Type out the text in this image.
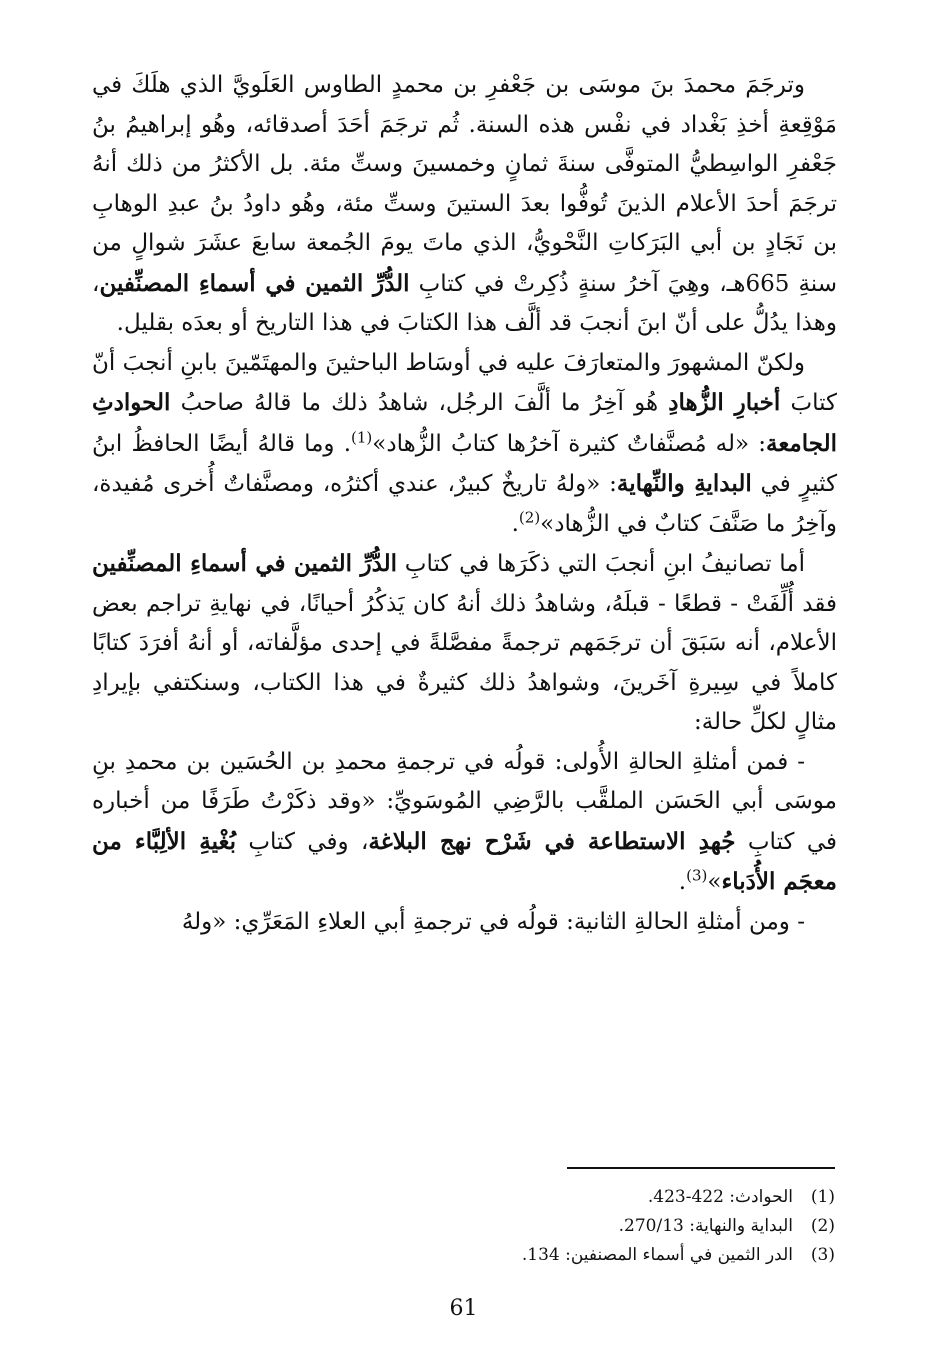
وترجَمَ محمدَ بنَ موسَى بن جَعْفرِ بن محمدٍ الطاوس العَلَويَّ الذي هلَكَ في مَوْقِعةِ أخذِ بَغْداد في نفْس هذه السنة. ثُم ترجَمَ أحَدَ أصدقائه، وهُو إبراهيمُ بنُ جَعْفرِ الواسِطيُّ المتوفَّى سنةَ ثمانٍ وخمسينَ وستِّ مئة. بل الأكثرُ من ذلك أنهُ ترجَمَ أحدَ الأعلام الذينَ تُوفُّوا بعدَ الستينَ وستِّ مئة، وهُو داودُ بنُ عبدِ الوهابِ بن نَجَادٍ بن أبي البَرَكاتِ النَّحْويُّ، الذي ماتَ يومَ الجُمعة سابعَ عشَرَ شوالٍ من سنةِ 665هـ، وهِيَ آخرُ سنةٍ ذُكِرتْ في كتابِ الدُّرِّ الثمين في أسماءِ المصنِّفين، وهذا يدُلُّ على أنّ ابنَ أنجبَ قد ألَّف هذا الكتابَ في هذا التاريخ أو بعدَه بقليل.

ولكنّ المشهورَ والمتعارَفَ عليه في أوسَاط الباحثينَ والمهتَمّينَ بابنِ أنجبَ أنّ كتابَ أخبارِ الزُّهادِ هُو آخِرُ ما ألَّفَ الرجُل، شاهدُ ذلك ما قالهُ صاحبُ الحوادثِ الجامعة: «له مُصنَّفاتٌ كثيرة آخرُها كتابُ الزُّهاد»$^{(1)}$. وما قالهُ أيضًا الحافظُ ابنُ كثيرٍ في البدايةِ والنِّهاية: «ولهُ تاريخٌ كبيرٌ، عندي أكثرُه، ومصنَّفاتٌ أُخرى مُفيدة، وآخِرُ ما صَنَّفَ كتابٌ في الزُّهاد»$^{(2)}$.

أما تصانيفُ ابنِ أنجبَ التي ذكَرَها في كتابِ الدُّرِّ الثمين في أسماءِ المصنِّفين فقد أُلِّفَتْ - قطعًا - قبلَهُ، وشاهدُ ذلك أنهُ كان يَذكُرُ أحيانًا، في نهايةِ تراجم بعض الأعلام، أنه سَبَقَ أن ترجَمَهم ترجمةً مفصَّلةً في إحدى مؤلَّفاته، أو أنهُ أفرَدَ كتابًا كاملاً في سِيرةِ آخَرينَ، وشواهدُ ذلك كثيرةٌ في هذا الكتاب، وسنكتفي بإيرادِ مثالٍ لكلِّ حالة:

- فمن أمثلةِ الحالةِ الأُولى: قولُه في ترجمةِ محمدِ بن الحُسَين بن محمدِ بنِ موسَى أبي الحَسَن الملقَّب بالرَّضِي المُوسَويِّ: «وقد ذكَرْتُ طَرَفًا من أخباره في كتابِ جُهدِ الاستطاعة في شَرْح نهج البلاغة، وفي كتابِ بُغْيةِ الألِبَّاء من معجَم الأُدَباء»$^{(3)}$.

- ومن أمثلةِ الحالةِ الثانية: قولُه في ترجمةِ أبي العلاءِ المَعَرِّي: «ولهُ

(1)
الحوادث: 422-423.
(2)
البداية والنهاية: 270/13.
(3)
الدر الثمين في أسماء المصنفين: 134.
61
